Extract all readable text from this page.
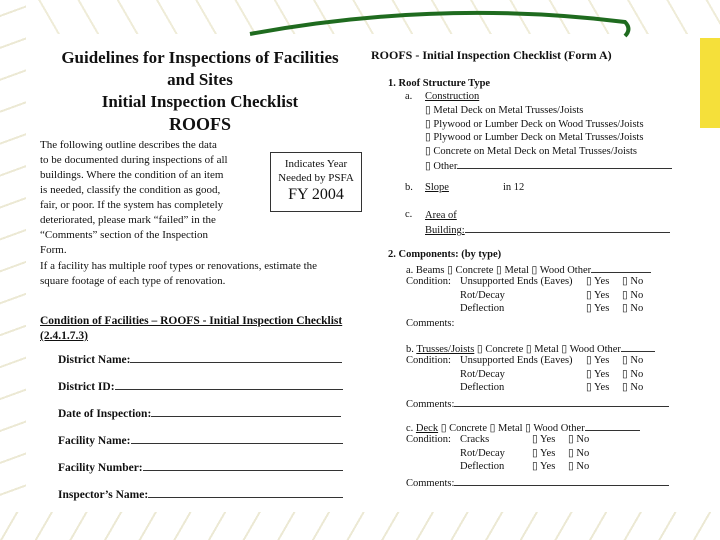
Guidelines for Inspections of Facilities
and Sites
Initial Inspection Checklist
ROOFS
The following outline describes the data
to be documented during inspections of all
buildings. Where the condition of an item
is needed, classify the condition as good,
fair, or poor. If the system has completely
deteriorated, please mark “failed” in the
“Comments” section of the Inspection
Form.
Indicates Year
Needed by PSFA
FY 2004
If a facility has multiple roof types or renovations, estimate the
square footage of each type of renovation.
Condition of Facilities – ROOFS - Initial Inspection Checklist
(2.4.1.7.3)
District Name:
District ID:
Date of Inspection:
Facility Name:
Facility Number:
Inspector’s Name:
ROOFS - Initial Inspection Checklist (Form A)
1. Roof Structure Type
a. Construction
▯ Metal Deck on Metal Trusses/Joists
▯ Plywood or Lumber Deck on Wood Trusses/Joists
▯ Plywood or Lumber Deck on Metal Trusses/Joists
▯ Concrete on Metal Deck on Metal Trusses/Joists
▯ Other
b. Slope	in 12
c. Area of
Building:
2. Components: (by type)
a. Beams ▯ Concrete ▯ Metal ▯ Wood Other
Condition: Unsupported Ends (Eaves) ▯ Yes ▯ No
Rot/Decay	▯ Yes ▯ No
Deflection	▯ Yes ▯ No
Comments:
b. Trusses/Joists ▯ Concrete ▯ Metal ▯ Wood Other
Condition: Unsupported Ends (Eaves) ▯ Yes ▯ No
Rot/Decay	▯ Yes ▯ No
Deflection	▯ Yes ▯ No
Comments:
c. Deck ▯ Concrete ▯ Metal ▯ Wood Other
Condition: Cracks	▯ Yes ▯ No
Rot/Decay	▯ Yes ▯ No
Deflection	▯ Yes ▯ No
Comments:
